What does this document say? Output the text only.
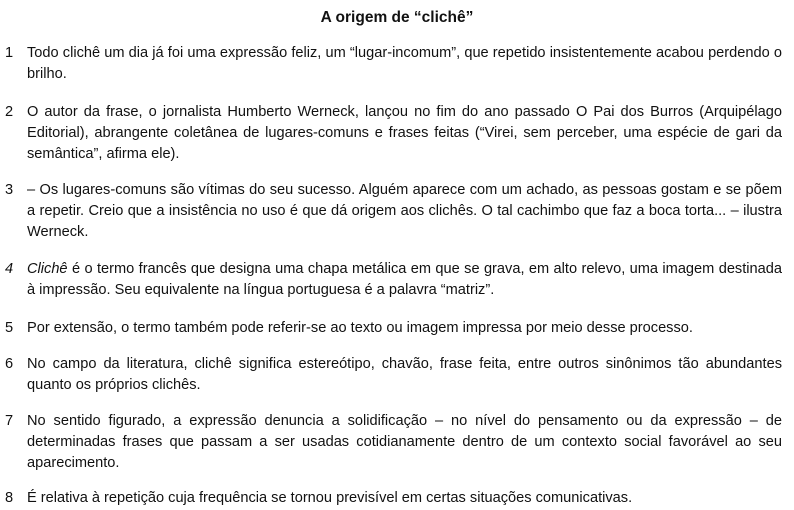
A origem de “clichê”
1 Todo clichê um dia já foi uma expressão feliz, um “lugar-incomum”, que repetido insistentemente acabou perdendo o brilho.
2 O autor da frase, o jornalista Humberto Werneck, lançou no fim do ano passado O Pai dos Burros (Arquipélago Editorial), abrangente coletânea de lugares-comuns e frases feitas (“Virei, sem perceber, uma espécie de gari da semântica”, afirma ele).
3 – Os lugares-comuns são vítimas do seu sucesso. Alguém aparece com um achado, as pessoas gostam e se põem a repetir. Creio que a insistência no uso é que dá origem aos clichês. O tal cachimbo que faz a boca torta... – ilustra Werneck.
4 Clichê é o termo francês que designa uma chapa metálica em que se grava, em alto relevo, uma imagem destinada à impressão. Seu equivalente na língua portuguesa é a palavra “matriz”.
5 Por extensão, o termo também pode referir-se ao texto ou imagem impressa por meio desse processo.
6 No campo da literatura, clichê significa estereótipo, chavão, frase feita, entre outros sinônimos tão abundantes quanto os próprios clichês.
7 No sentido figurado, a expressão denuncia a solidificação – no nível do pensamento ou da expressão – de determinadas frases que passam a ser usadas cotidianamente dentro de um contexto social favorável ao seu aparecimento.
8 É relativa à repetição cuja frequência se tornou previsível em certas situações comunicativas.
